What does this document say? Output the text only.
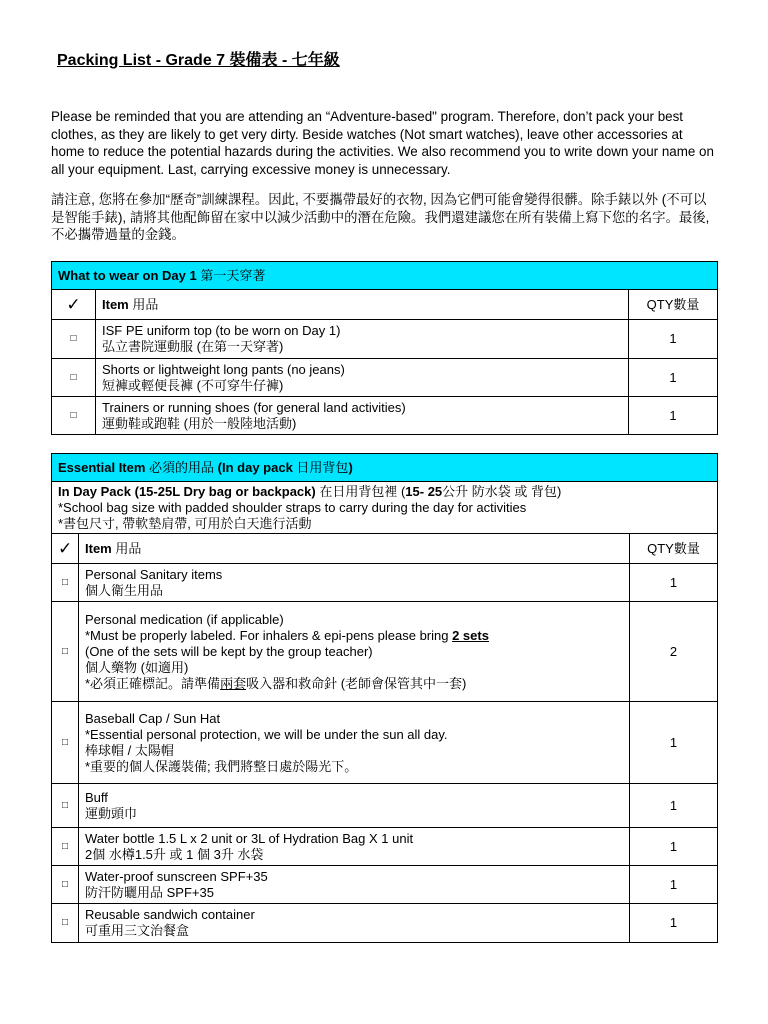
Packing List - Grade 7 裝備表 - 七年級
Please be reminded that you are attending an “Adventure-based" program. Therefore, don’t pack your best clothes, as they are likely to get very dirty. Beside watches (Not smart watches), leave other accessories at home to reduce the potential hazards during the activities. We also recommend you to write down your name on all your equipment. Last, carrying excessive money is unnecessary.
請注意, 您將在參加“歷奇”訓練課程。因此, 不要攜帶最好的衣物, 因為它們可能會變得很髒。除手錶以外 (不可以是智能手錶), 請將其他配飾留在家中以減少活動中的潛在危險。我們還建議您在所有裝備上寫下您的名字。最後, 不必攜帶過量的金錢。
What to wear on Day 1 第一天穿著		
✓	Item 用品	QTY數量
□	ISF PE uniform top (to be worn on Day 1)
弘立書院運動服 (在第一天穿著)	1
□	Shorts or lightweight long pants (no jeans)
短褲或輕便長褲 (不可穿牛仔褲)	1
□	Trainers or running shoes (for general land activities)
運動鞋或跑鞋 (用於一般陸地活動)	1
Essential Item 必須的用品 (In day pack 日用背包)		

In Day Pack (15-25L Dry bag or backpack) 在日用背包裡 (15- 25公升 防水袋 或 背包)
*School bag size with padded shoulder straps to carry during the day for activities
*書包尺寸, 帶軟墊肩帶, 可用於白天進行活動		

✓	Item 用品	QTY數量
□	Personal Sanitary items
個人衛生用品	1
□	Personal medication (if applicable)
*Must be properly labeled. For inhalers & epi-pens please bring 2 sets
(One of the sets will be kept by the group teacher)
個人藥物 (如適用)
*必須正確標記。請準備兩套吸入器和救命針 (老師會保管其中一套)	2
□	Baseball Cap / Sun Hat
*Essential personal protection, we will be under the sun all day.
棒球帽 / 太陽帽
*重要的個人保護裝備; 我們將整日處於陽光下。	1
□	Buff
運動頭巾	1
□	Water bottle 1.5 L x 2 unit or 3L of Hydration Bag X 1 unit
2個 水樽1.5升 或 1 個 3升 水袋	1
□	Water-proof sunscreen SPF+35
防汗防曬用品 SPF+35	1
□	Reusable sandwich container
可重用三文治餐盒	1
